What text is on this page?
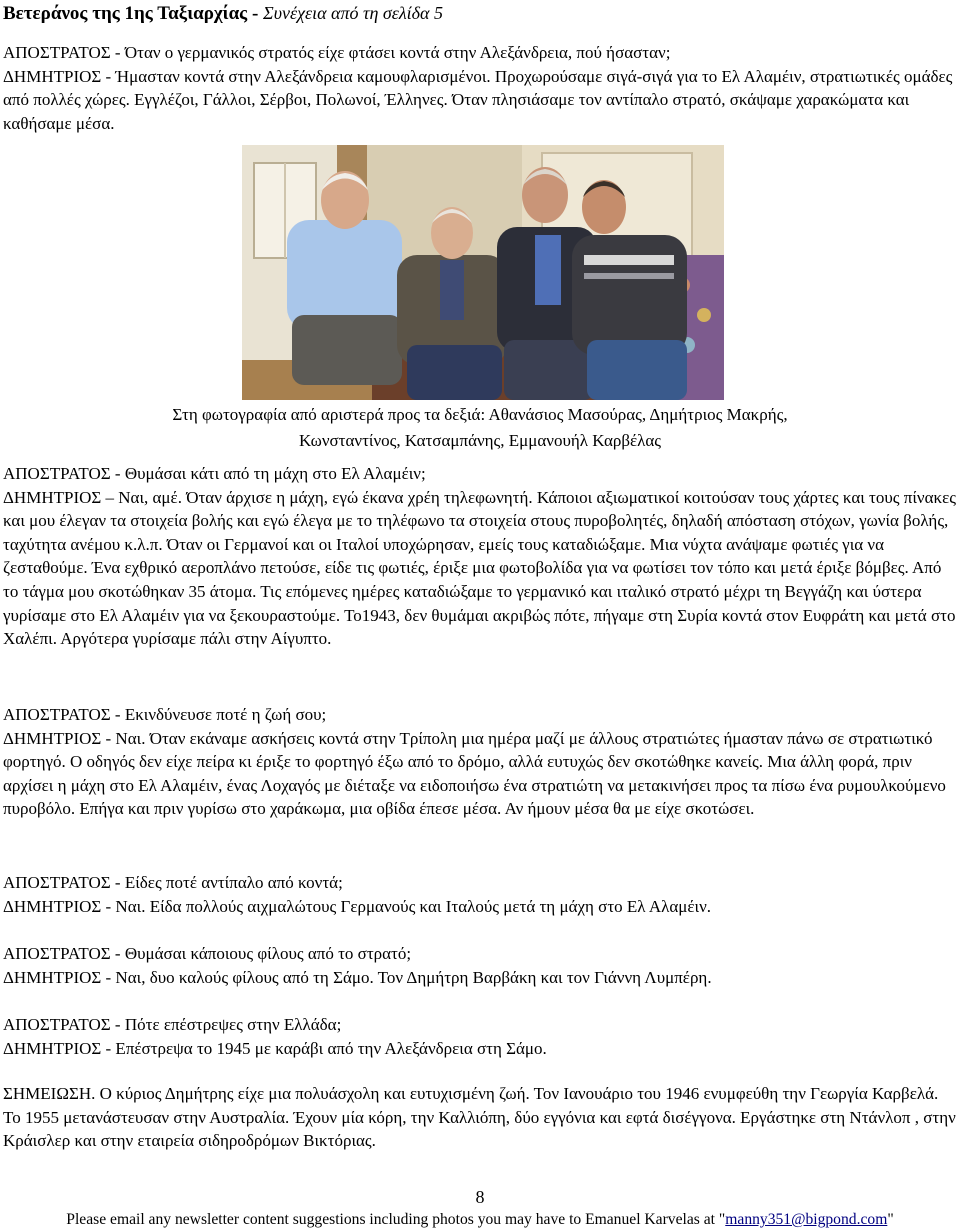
Βετεράνος της 1ης Ταξιαρχίας - Συνέχεια από τη σελίδα 5
ΑΠΟΣΤΡΑΤΟΣ - Όταν ο γερμανικός στρατός είχε φτάσει κοντά στην Αλεξάνδρεια, πού ήσασταν;
ΔΗΜΗΤΡΙΟΣ - Ήμασταν κοντά στην Αλεξάνδρεια καμουφλαρισμένοι. Προχωρούσαμε σιγά-σιγά για το Ελ Αλαμέιν, στρατιωτικές ομάδες από πολλές χώρες. Εγγλέζοι, Γάλλοι, Σέρβοι, Πολωνοί, Έλληνες. Όταν πλησιάσαμε τον αντίπαλο στρατό, σκάψαμε χαρακώματα και καθήσαμε μέσα.
Στη φωτογραφία από αριστερά προς τα δεξιά: Αθανάσιος Μασούρας, Δημήτριος Μακρής,
Κωνσταντίνος, Κατσαμπάνης, Εμμανουήλ Καρβέλας
ΑΠΟΣΤΡΑΤΟΣ - Θυμάσαι κάτι από τη μάχη στο Ελ Αλαμέιν;
ΔΗΜΗΤΡΙΟΣ – Ναι, αμέ. Όταν άρχισε η μάχη, εγώ έκανα χρέη τηλεφωνητή. Κάποιοι αξιωματικοί κοιτούσαν τους χάρτες και τους πίνακες και μου έλεγαν τα στοιχεία βολής και εγώ έλεγα με το τηλέφωνο τα στοιχεία στους πυροβολητές, δηλαδή απόσταση στόχων, γωνία βολής, ταχύτητα ανέμου κ.λ.π. Όταν οι Γερμανοί και οι Ιταλοί υποχώρησαν, εμείς τους καταδιώξαμε. Μια νύχτα ανάψαμε φωτιές για να ζεσταθούμε. Ένα εχθρικό αεροπλάνο πετούσε, είδε τις φωτιές, έριξε μια φωτοβολίδα για να φωτίσει τον τόπο και μετά έριξε βόμβες. Από το τάγμα μου σκοτώθηκαν 35 άτομα. Τις επόμενες ημέρες καταδιώξαμε το γερμανικό και ιταλικό στρατό μέχρι τη Βεγγάζη και ύστερα γυρίσαμε στο Ελ Αλαμέιν για να ξεκουραστούμε. Το1943, δεν θυμάμαι ακριβώς πότε, πήγαμε στη Συρία κοντά στον Ευφράτη και μετά στο Χαλέπι. Αργότερα γυρίσαμε πάλι στην Αίγυπτο.
ΑΠΟΣΤΡΑΤΟΣ - Εκινδύνευσε ποτέ η ζωή σου;
ΔΗΜΗΤΡΙΟΣ - Ναι. Όταν εκάναμε ασκήσεις κοντά στην Τρίπολη μια ημέρα μαζί με άλλους στρατιώτες ήμασταν πάνω σε στρατιωτικό φορτηγό. Ο οδηγός δεν είχε πείρα κι έριξε το φορτηγό έξω από το δρόμο, αλλά ευτυχώς δεν σκοτώθηκε κανείς. Μια άλλη φορά, πριν αρχίσει η μάχη στο Ελ Αλαμέιν, ένας Λοχαγός με διέταξε να ειδοποιήσω ένα στρατιώτη να μετακινήσει προς τα πίσω ένα ρυμουλκούμενο πυροβόλο. Επήγα και πριν γυρίσω στο χαράκωμα, μια οβίδα έπεσε μέσα. Αν ήμουν μέσα θα με είχε σκοτώσει.
ΑΠΟΣΤΡΑΤΟΣ - Είδες ποτέ αντίπαλο από κοντά;
ΔΗΜΗΤΡΙΟΣ - Ναι. Είδα πολλούς αιχμαλώτους Γερμανούς και Ιταλούς μετά τη μάχη στο Ελ Αλαμέιν.
ΑΠΟΣΤΡΑΤΟΣ - Θυμάσαι κάποιους φίλους από το στρατό;
ΔΗΜΗΤΡΙΟΣ - Ναι, δυο καλούς φίλους από τη Σάμο. Τον Δημήτρη Βαρβάκη και τον Γιάννη Λυμπέρη.
ΑΠΟΣΤΡΑΤΟΣ - Πότε επέστρεψες στην Ελλάδα;
ΔΗΜΗΤΡΙΟΣ - Επέστρεψα το 1945 με καράβι από την Αλεξάνδρεια στη Σάμο.
ΣΗΜΕΙΩΣΗ. Ο κύριος Δημήτρης είχε μια πολυάσχολη και ευτυχισμένη ζωή. Τον Ιανουάριο του 1946 ενυμφεύθη την Γεωργία Καρβελά. Το 1955 μετανάστευσαν στην Αυστραλία. Έχουν μία κόρη, την Καλλιόπη, δύο εγγόνια και εφτά δισέγγονα. Εργάστηκε στη Ντάνλοπ , στην Κράισλερ και στην εταιρεία σιδηροδρόμων Βικτόριας.
8
Please email any newsletter content suggestions including photos you may have to Emanuel Karvelas at "manny351@bigpond.com"
